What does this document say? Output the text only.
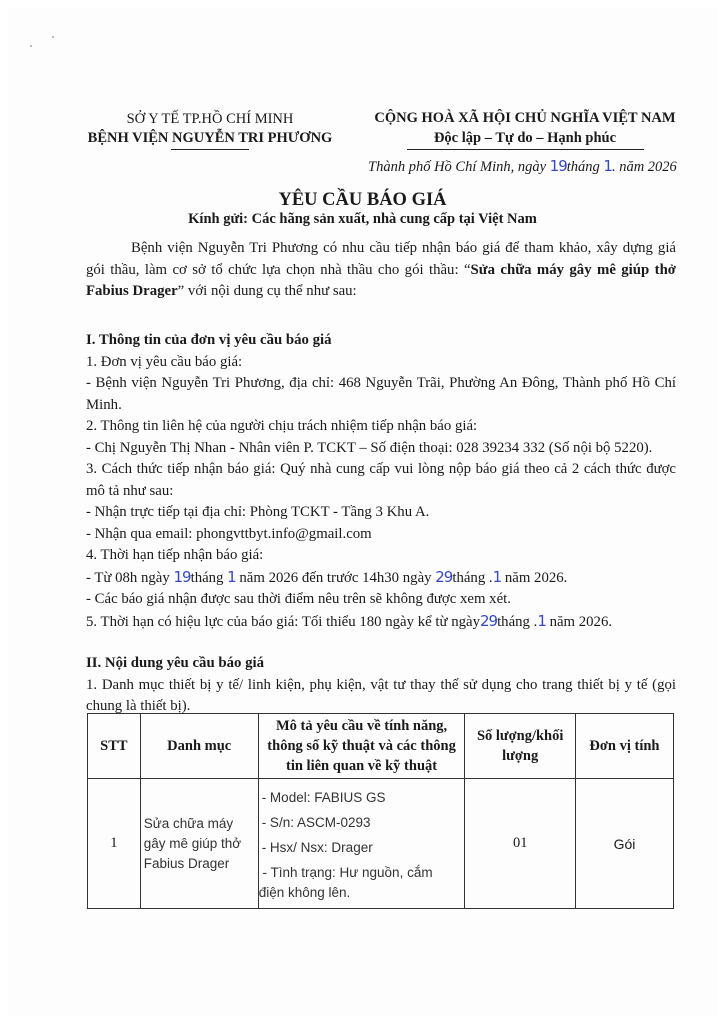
SỞ Y TẾ TP.HỒ CHÍ MINH
BỆNH VIỆN NGUYỄN TRI PHƯƠNG
CỘNG HOÀ XÃ HỘI CHỦ NGHĨA VIỆT NAM
Độc lập – Tự do – Hạnh phúc
Thành phố Hồ Chí Minh, ngày 19tháng 1. năm 2026
YÊU CẦU BÁO GIÁ
Kính gửi: Các hãng sản xuất, nhà cung cấp tại Việt Nam
Bệnh viện Nguyễn Tri Phương có nhu cầu tiếp nhận báo giá để tham khảo, xây dựng giá gói thầu, làm cơ sở tổ chức lựa chọn nhà thầu cho gói thầu: “Sửa chữa máy gây mê giúp thở Fabius Drager” với nội dung cụ thể như sau:
I. Thông tin của đơn vị yêu cầu báo giá
1. Đơn vị yêu cầu báo giá:
- Bệnh viện Nguyễn Tri Phương, địa chỉ: 468 Nguyễn Trãi, Phường An Đông, Thành phố Hồ Chí Minh.
2. Thông tin liên hệ của người chịu trách nhiệm tiếp nhận báo giá:
- Chị Nguyễn Thị Nhan - Nhân viên P. TCKT – Số điện thoại: 028 39234 332 (Số nội bộ 5220).
3. Cách thức tiếp nhận báo giá: Quý nhà cung cấp vui lòng nộp báo giá theo cả 2 cách thức được mô tả như sau:
- Nhận trực tiếp tại địa chỉ: Phòng TCKT - Tầng 3 Khu A.
- Nhận qua email: phongvttbyt.info@gmail.com
4. Thời hạn tiếp nhận báo giá:
- Từ 08h ngày 19tháng 1 năm 2026 đến trước 14h30 ngày 29tháng .1 năm 2026.
- Các báo giá nhận được sau thời điểm nêu trên sẽ không được xem xét.
5. Thời hạn có hiệu lực của báo giá: Tối thiểu 180 ngày kể từ ngày29tháng .1 năm 2026.
II. Nội dung yêu cầu báo giá
1. Danh mục thiết bị y tế/ linh kiện, phụ kiện, vật tư thay thế sử dụng cho trang thiết bị y tế (gọi chung là thiết bị).
STT	Danh mục	Mô tả yêu cầu về tính năng, thông số kỹ thuật và các thông tin liên quan về kỹ thuật	Số lượng/khối lượng	Đơn vị tính
1	Sửa chữa máy gây mê giúp thở Fabius Drager	- Model: FABIUS GS
- S/n: ASCM-0293
- Hsx/ Nsx: Drager
- Tình trạng: Hư nguồn, cắm điện không lên.	01	Gói
